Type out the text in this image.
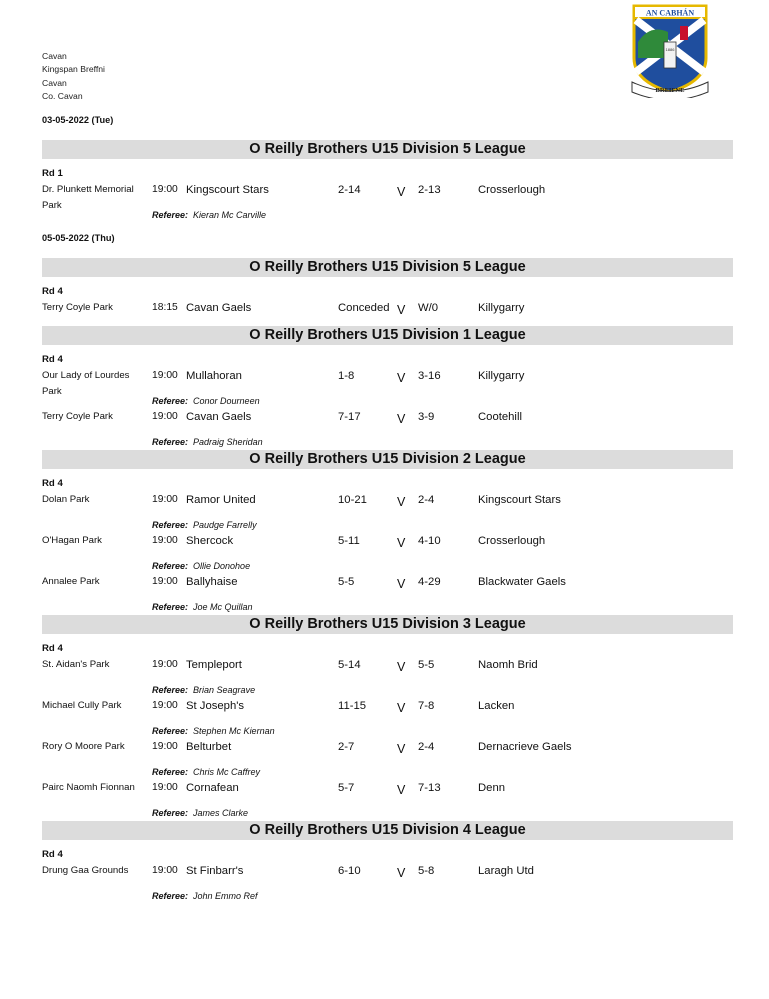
Cavan
Kingspan Breffni
Cavan
Co. Cavan
AN CABHÁN
1886
BREIFNE
03-05-2022 (Tue)
O Reilly Brothers U15 Division 5 League
Rd 1
Dr. Plunkett Memorial Park
19:00 Kingscourt Stars	2-14	V 2-13	Crosserlough
Referee: Kieran Mc Carville
05-05-2022 (Thu)
O Reilly Brothers U15 Division 5 League
Rd 4
Terry Coyle Park	18:15 Cavan Gaels	Conceded V W/0	Killygarry
O Reilly Brothers U15 Division 1 League
Rd 4
Our Lady of Lourdes Park
19:00 Mullahoran	1-8	V 3-16	Killygarry
Referee: Conor Dourneen
Terry Coyle Park	19:00 Cavan Gaels	7-17	V 3-9	Cootehill
Referee: Padraig Sheridan
O Reilly Brothers U15 Division 2 League
Rd 4
Dolan Park	19:00 Ramor United	10-21 V 2-4	Kingscourt Stars
Referee: Paudge Farrelly
O'Hagan Park	19:00 Shercock	5-11	V 4-10	Crosserlough
Referee: Ollie Donohoe
Annalee Park	19:00 Ballyhaise	5-5	V 4-29	Blackwater Gaels
Referee: Joe Mc Quillan
O Reilly Brothers U15 Division 3 League
Rd 4
St. Aidan's Park	19:00 Templeport	5-14	V 5-5	Naomh Brid
Referee: Brian Seagrave
Michael Cully Park	19:00 St Joseph's	11-15 V 7-8	Lacken
Referee: Stephen Mc Kiernan
Rory O Moore Park	19:00 Belturbet	2-7	V 2-4	Dernacrieve Gaels
Referee: Chris Mc Caffrey
Pairc Naomh Fionnan	19:00 Cornafean	5-7	V 7-13	Denn
Referee: James Clarke
O Reilly Brothers U15 Division 4 League
Rd 4
Drung Gaa Grounds	19:00 St Finbarr's	6-10	V 5-8	Laragh Utd
Referee: John Emmo Ref
